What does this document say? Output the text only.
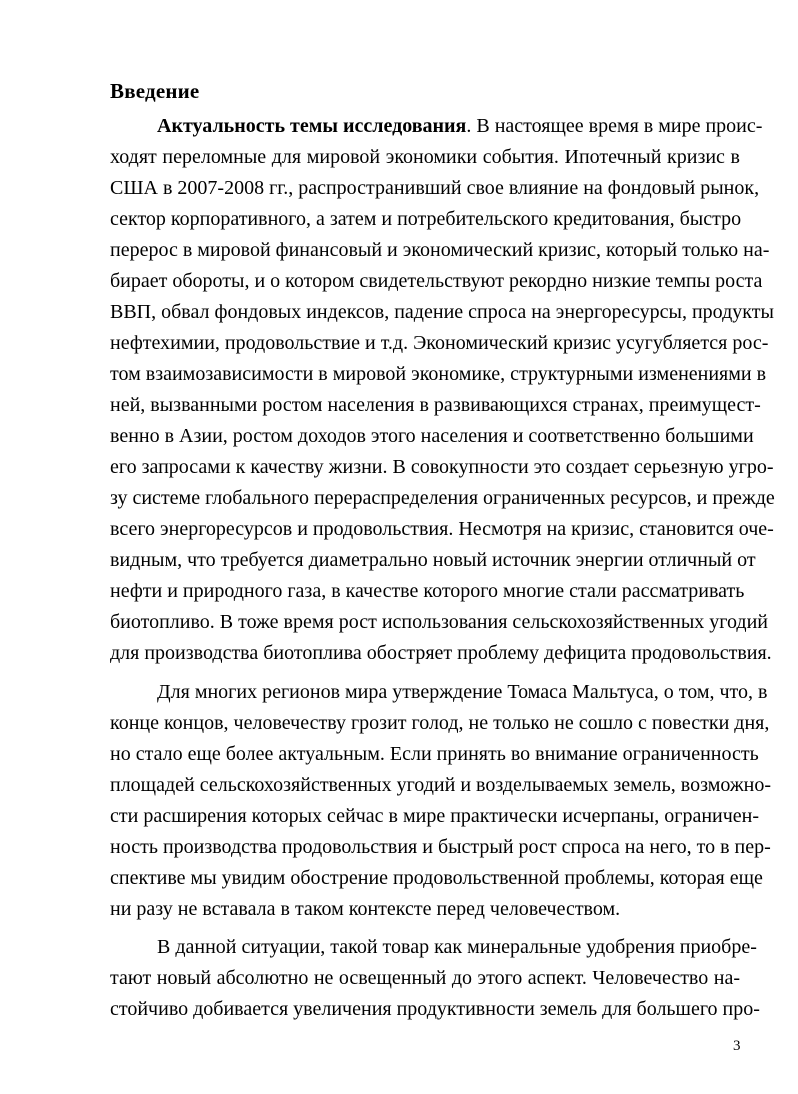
Введение
Актуальность темы исследования. В настоящее время в мире проис-
ходят переломные для мировой экономики события. Ипотечный кризис в
США в 2007-2008 гг., распространивший свое влияние на фондовый рынок,
сектор корпоративного, а затем и потребительского кредитования, быстро
перерос в мировой финансовый и экономический кризис, который только на-
бирает обороты, и о котором свидетельствуют рекордно низкие темпы роста
ВВП, обвал фондовых индексов, падение спроса на энергоресурсы, продукты
нефтехимии, продовольствие и т.д. Экономический кризис усугубляется рос-
том взаимозависимости в мировой экономике, структурными изменениями в
ней, вызванными ростом населения в развивающихся странах, преимущест-
венно в Азии, ростом доходов этого населения и соответственно большими
его запросами к качеству жизни. В совокупности это создает серьезную угро-
зу системе глобального перераспределения ограниченных ресурсов, и прежде
всего энергоресурсов и продовольствия. Несмотря на кризис, становится оче-
видным, что требуется диаметрально новый источник энергии отличный от
нефти и природного газа, в качестве которого многие стали рассматривать
биотопливо. В тоже время рост использования сельскохозяйственных угодий
для производства биотоплива обостряет проблему дефицита продовольствия.
Для многих регионов мира утверждение Томаса Мальтуса, о том, что, в
конце концов, человечеству грозит голод, не только не сошло с повестки дня,
но стало еще более актуальным. Если принять во внимание ограниченность
площадей сельскохозяйственных угодий и возделываемых земель, возможно-
сти расширения которых сейчас в мире практически исчерпаны, ограничен-
ность производства продовольствия и быстрый рост спроса на него, то в пер-
спективе мы увидим обострение продовольственной проблемы, которая еще
ни разу не вставала в таком контексте перед человечеством.
В данной ситуации, такой товар как минеральные удобрения приобре-
тают новый абсолютно не освещенный до этого аспект. Человечество на-
стойчиво добивается увеличения продуктивности земель для большего про-
3
